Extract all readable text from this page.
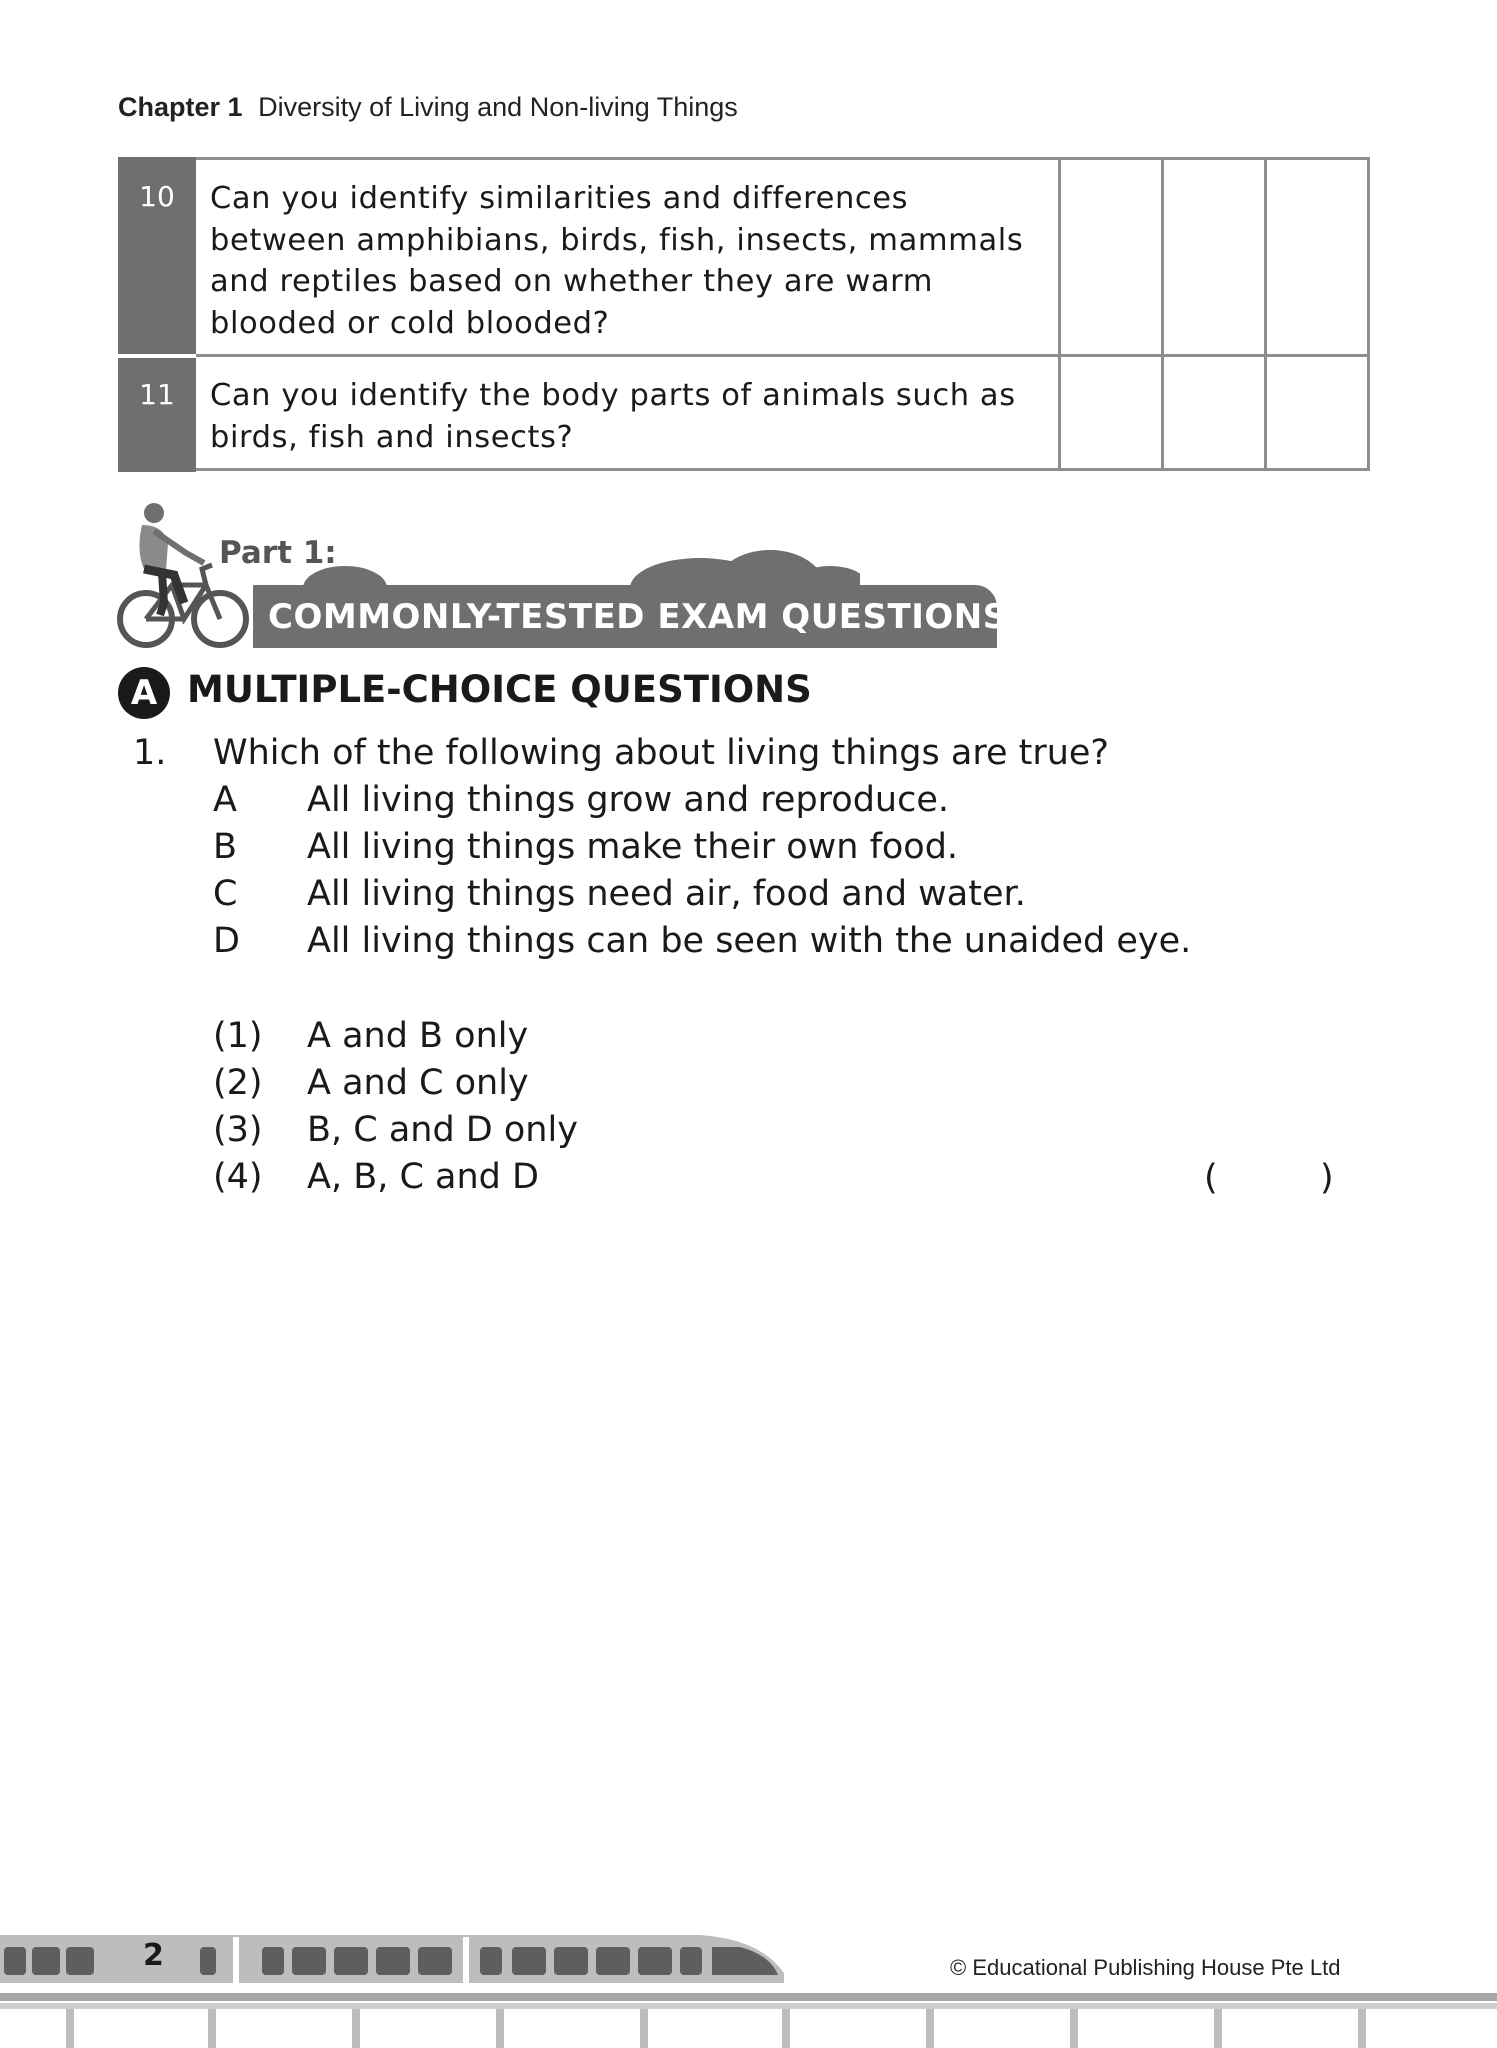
Chapter 1 Diversity of Living and Non-living Things
10	Can you identify similarities and differences between amphibians, birds, fish, insects, mammals and reptiles based on whether they are warm blooded or cold blooded?			
11	Can you identify the body parts of animals such as birds, fish and insects?			
Part 1:
COMMONLY-TESTED EXAM QUESTIONS
A MULTIPLE-CHOICE QUESTIONS
1. Which of the following about living things are true?
A All living things grow and reproduce.
B All living things make their own food.
C All living things need air, food and water.
D All living things can be seen with the unaided eye.
(1) A and B only
(2) A and C only
(3) B, C and D only
(4) A, B, C and D	(	)
2	© Educational Publishing House Pte Ltd
